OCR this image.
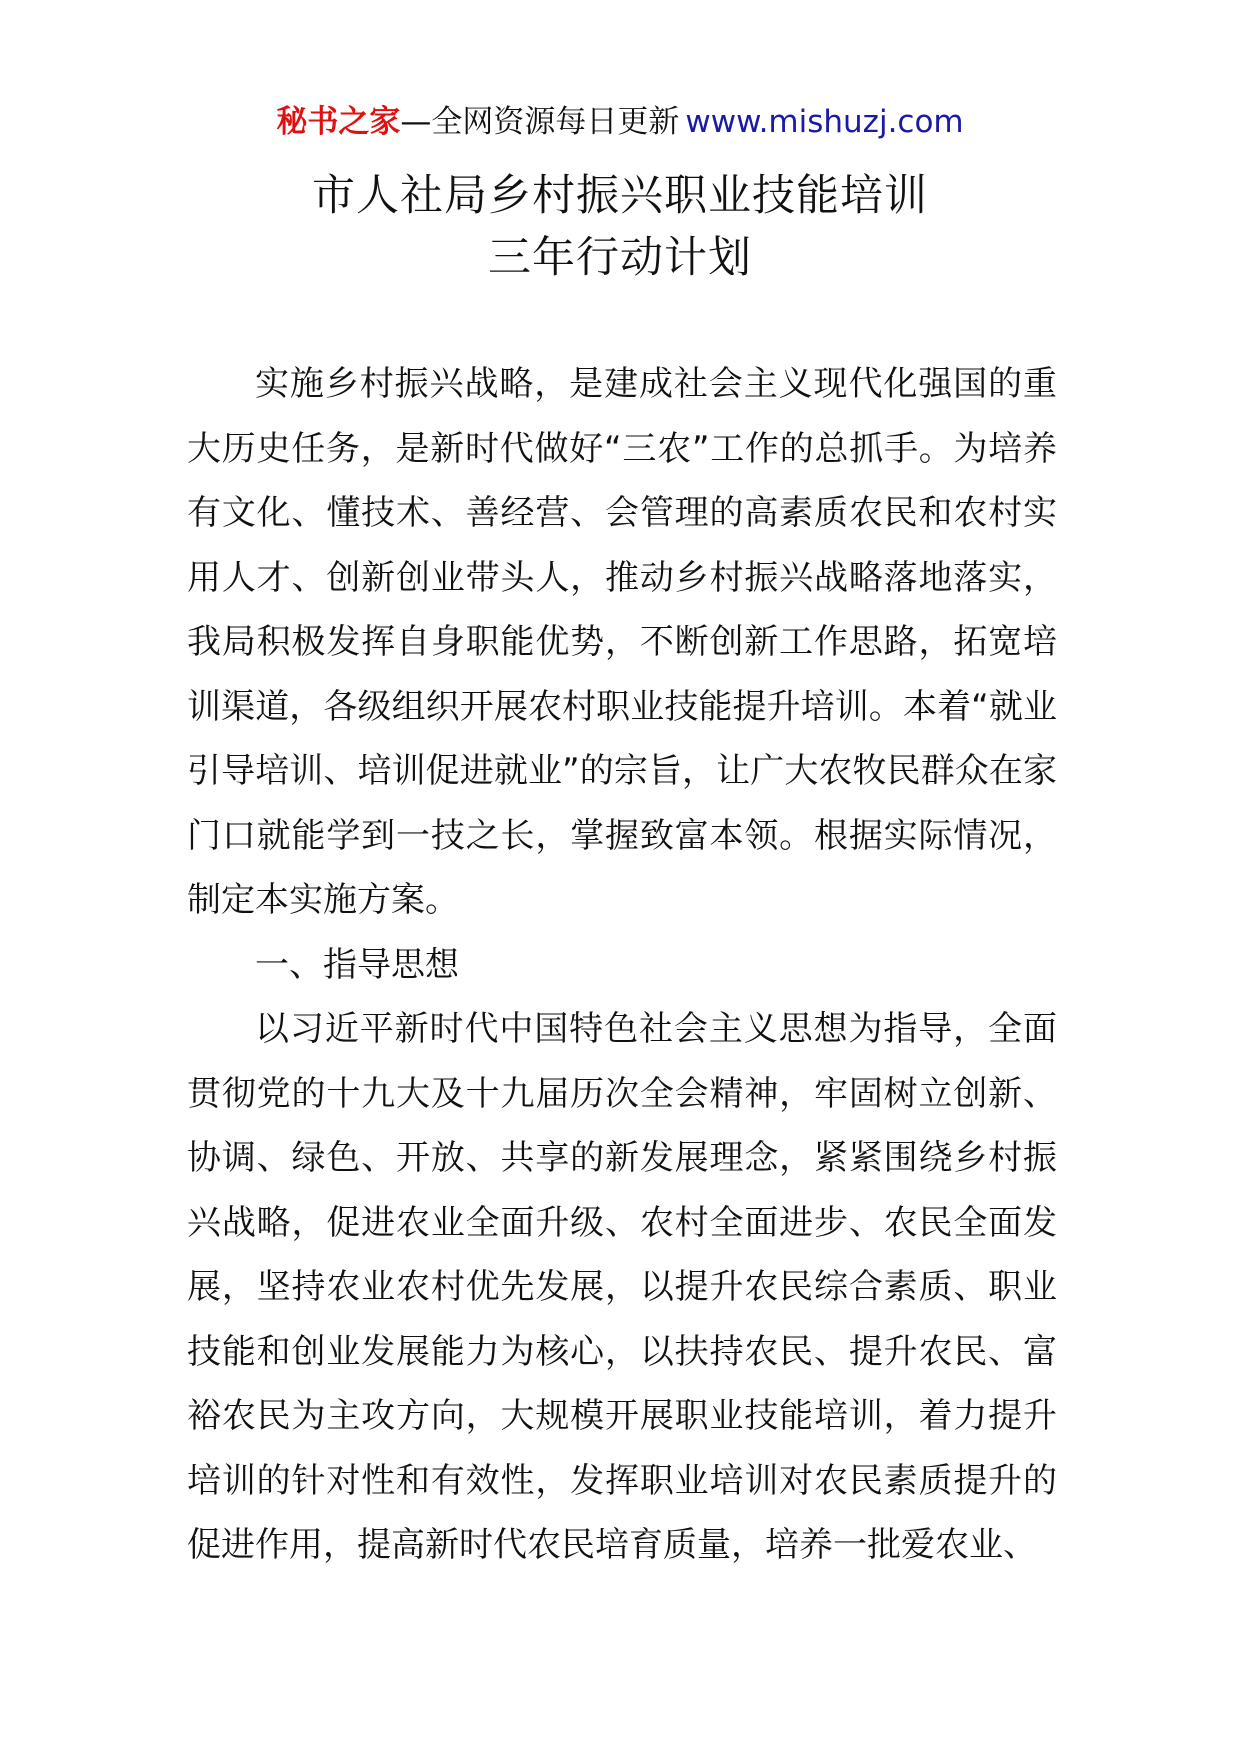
秘书之家—全网资源每日更新 www.mishuzj.com
市人社局乡村振兴职业技能培训
三年行动计划

实施乡村振兴战略，是建成社会主义现代化强国的重大历史任务，是新时代做好“三农”工作的总抓手。为培养有文化、懂技术、善经营、会管理的高素质农民和农村实用人才、创新创业带头人，推动乡村振兴战略落地落实，我局积极发挥自身职能优势，不断创新工作思路，拓宽培训渠道，各级组织开展农村职业技能提升培训。本着“就业引导培训、培训促进就业”的宗旨，让广大农牧民群众在家门口就能学到一技之长，掌握致富本领。根据实际情况，制定本实施方案。

一、指导思想

以习近平新时代中国特色社会主义思想为指导，全面贯彻党的十九大及十九届历次全会精神，牢固树立创新、协调、绿色、开放、共享的新发展理念，紧紧围绕乡村振兴战略，促进农业全面升级、农村全面进步、农民全面发展，坚持农业农村优先发展，以提升农民综合素质、职业技能和创业发展能力为核心，以扶持农民、提升农民、富裕农民为主攻方向，大规模开展职业技能培训，着力提升培训的针对性和有效性，发挥职业培训对农民素质提升的促进作用，提高新时代农民培育质量，培养一批爱农业、
